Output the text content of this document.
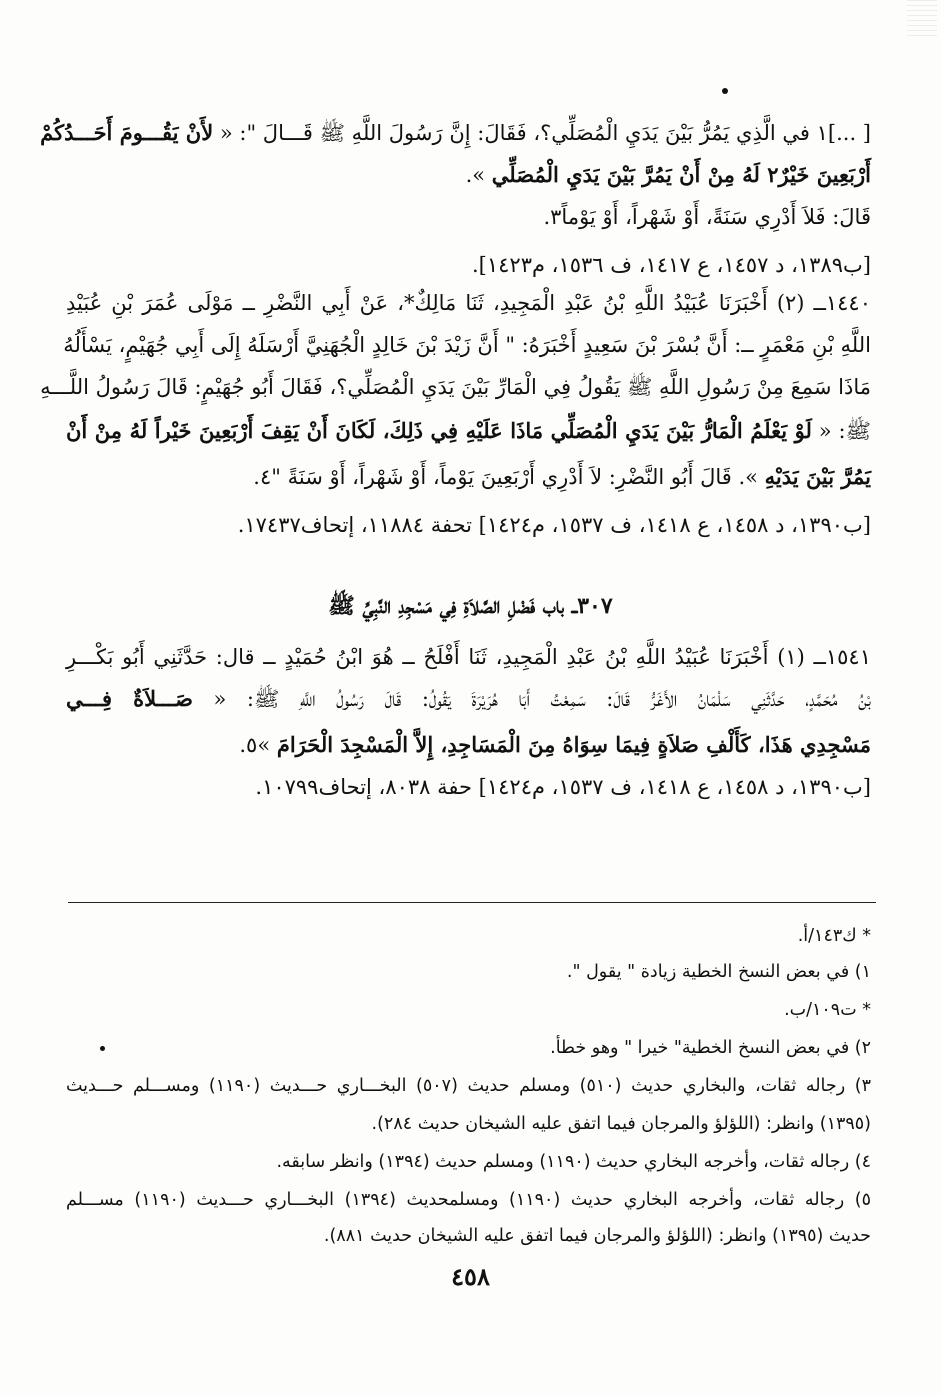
[ ...]١ في الَّذِي يَمُرُّ بَيْنَ يَدَيِ الْمُصَلِّي؟، فَقَالَ: إِنَّ رَسُولَ اللَّهِ ﷺ قَـــالَ ": « لأَنْ يَقُـــومَ أَحَـــدُكُمْ
أَرْبَعِينَ خَيْرٌ٢ لَهُ مِنْ أَنْ يَمُرَّ بَيْنَ يَدَيِ الْمُصَلِّي ».
قَالَ: فَلاَ أَدْرِي سَنَةً، أَوْ شَهْراً، أَوْ يَوْماً٣.
[ب١٣٨٩، د ١٤٥٧، ع ١٤١٧، ف ١٥٣٦، م١٤٢٣].
١٤٤٠ــ (٢) أَخْبَرَنَا عُبَيْدُ اللَّهِ بْنُ عَبْدِ الْمَجِيدِ، ثَنَا مَالِكٌ*، عَنْ أَبِي النَّضْرِ ــ مَوْلَى عُمَرَ بْنِ عُبَيْدِ
اللَّهِ بْنِ مَعْمَرٍ ــ: أَنَّ بُسْرَ بْنَ سَعِيدٍ أَخْبَرَهُ: " أَنَّ زَيْدَ بْنَ خَالِدٍ الْجُهَنِيَّ أَرْسَلَهُ إِلَى أَبِي جُهَيْمٍ، يَسْأَلُهُ
مَاذَا سَمِعَ مِنْ رَسُولِ اللَّهِ ﷺ يَقُولُ فِي الْمَارِّ بَيْنَ يَدَيِ الْمُصَلِّي؟، فَقَالَ أَبُو جُهَيْمٍ: قَالَ رَسُولُ اللَّـــهِ
ﷺ: « لَوْ يَعْلَمُ الْمَارُّ بَيْنَ يَدَيِ الْمُصَلِّي مَاذَا عَلَيْهِ فِي ذَلِكَ، لَكَانَ أَنْ يَقِفَ أَرْبَعِينَ خَيْراً لَهُ مِنْ أَنْ
يَمُرَّ بَيْنَ يَدَيْهِ ». قَالَ أَبُو النَّضْرِ: لاَ أَدْرِي أَرْبَعِينَ يَوْماً، أَوْ شَهْراً، أَوْ سَنَةً "٤.
[ب١٣٩٠، د ١٤٥٨، ع ١٤١٨، ف ١٥٣٧، م١٤٢٤] تحفة ١١٨٨٤، إتحاف١٧٤٣٧.
٣٠٧ــ باب فَضْلِ الصَّلاَةِ فِي مَسْجِدِ النَّبِيِّ ﷺ
١٥٤١ــ (١) أَخْبَرَنَا عُبَيْدُ اللَّهِ بْنُ عَبْدِ الْمَجِيدِ، ثَنَا أَفْلَحُ ــ هُوَ ابْنُ حُمَيْدٍ ــ قال: حَدَّثَنِي أَبُو بَكْـــرِ
بْنُ مُحَمَّدٍ، حَدَّثَنِي سَلْمَانُ الأَغَرُّ قَالَ: سَمِعْتُ أَبَا هُرَيْرَةَ يَقُولُ: قَالَ رَسُولُ اللَّهِ ﷺ: « صَـــلاَةٌ فِـــي
مَسْجِدِي هَذَا، كَأَلْفِ صَلاَةٍ فِيمَا سِوَاهُ مِنَ الْمَسَاجِدِ، إِلاَّ الْمَسْجِدَ الْحَرَامَ »٥.
[ب١٣٩٠، د ١٤٥٨، ع ١٤١٨، ف ١٥٣٧، م١٤٢٤] حفة ٨٠٣٨، إتحاف١٠٧٩٩.
* ك١٤٣/أ.
١) في بعض النسخ الخطية زيادة " يقول ".
* ت١٠٩/ب.
٢) في بعض النسخ الخطية" خيرا " وهو خطأ.
٣) رجاله ثقات، والبخاري حديث (٥١٠) ومسلم حديث (٥٠٧) البخـــاري حـــديث (١١٩٠) ومســـلم حـــديث
(١٣٩٥) وانظر: (اللؤلؤ والمرجان فيما اتفق عليه الشيخان حديث ٢٨٤).
٤) رجاله ثقات، وأخرجه البخاري حديث (١١٩٠) ومسلم حديث (١٣٩٤) وانظر سابقه.
٥) رجاله ثقات، وأخرجه البخاري حديث (١١٩٠) ومسلمحديث (١٣٩٤) البخـــاري حـــديث (١١٩٠) مســـلم
حديث (١٣٩٥) وانظر: (اللؤلؤ والمرجان فيما اتفق عليه الشيخان حديث ٨٨١).
٤٥٨
